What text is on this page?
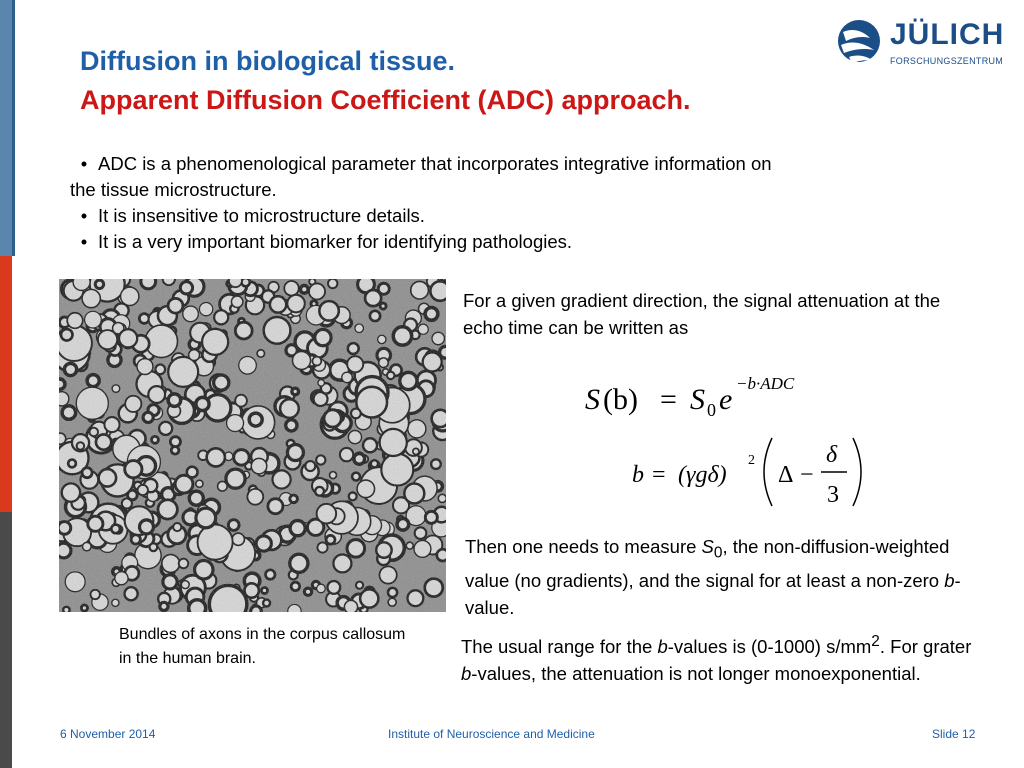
Diffusion in biological tissue.
Apparent Diffusion Coefficient (ADC) approach.
JÜLICH
FORSCHUNGSZENTRUM
• ADC is a phenomenological parameter that incorporates integrative information on
the tissue microstructure.
• It is insensitive to microstructure details.
• It is a very important biomarker for identifying pathologies.
Bundles of axons in the corpus callosum in the human brain.
For a given gradient direction, the signal attenuation at the echo time can be written as
S (b) = S 0 e −b·ADC
b = (γgδ)
2
Δ −
δ
3
Then one needs to measure $S_0$, the non-diffusion-weighted value (no gradients), and the signal for at least a non-zero b-value.
The usual range for the b-values is (0-1000) $s/mm^2$. For grater b-values, the attenuation is not longer monoexponential.
6 November 2014	Institute of Neuroscience and Medicine	Slide 12
